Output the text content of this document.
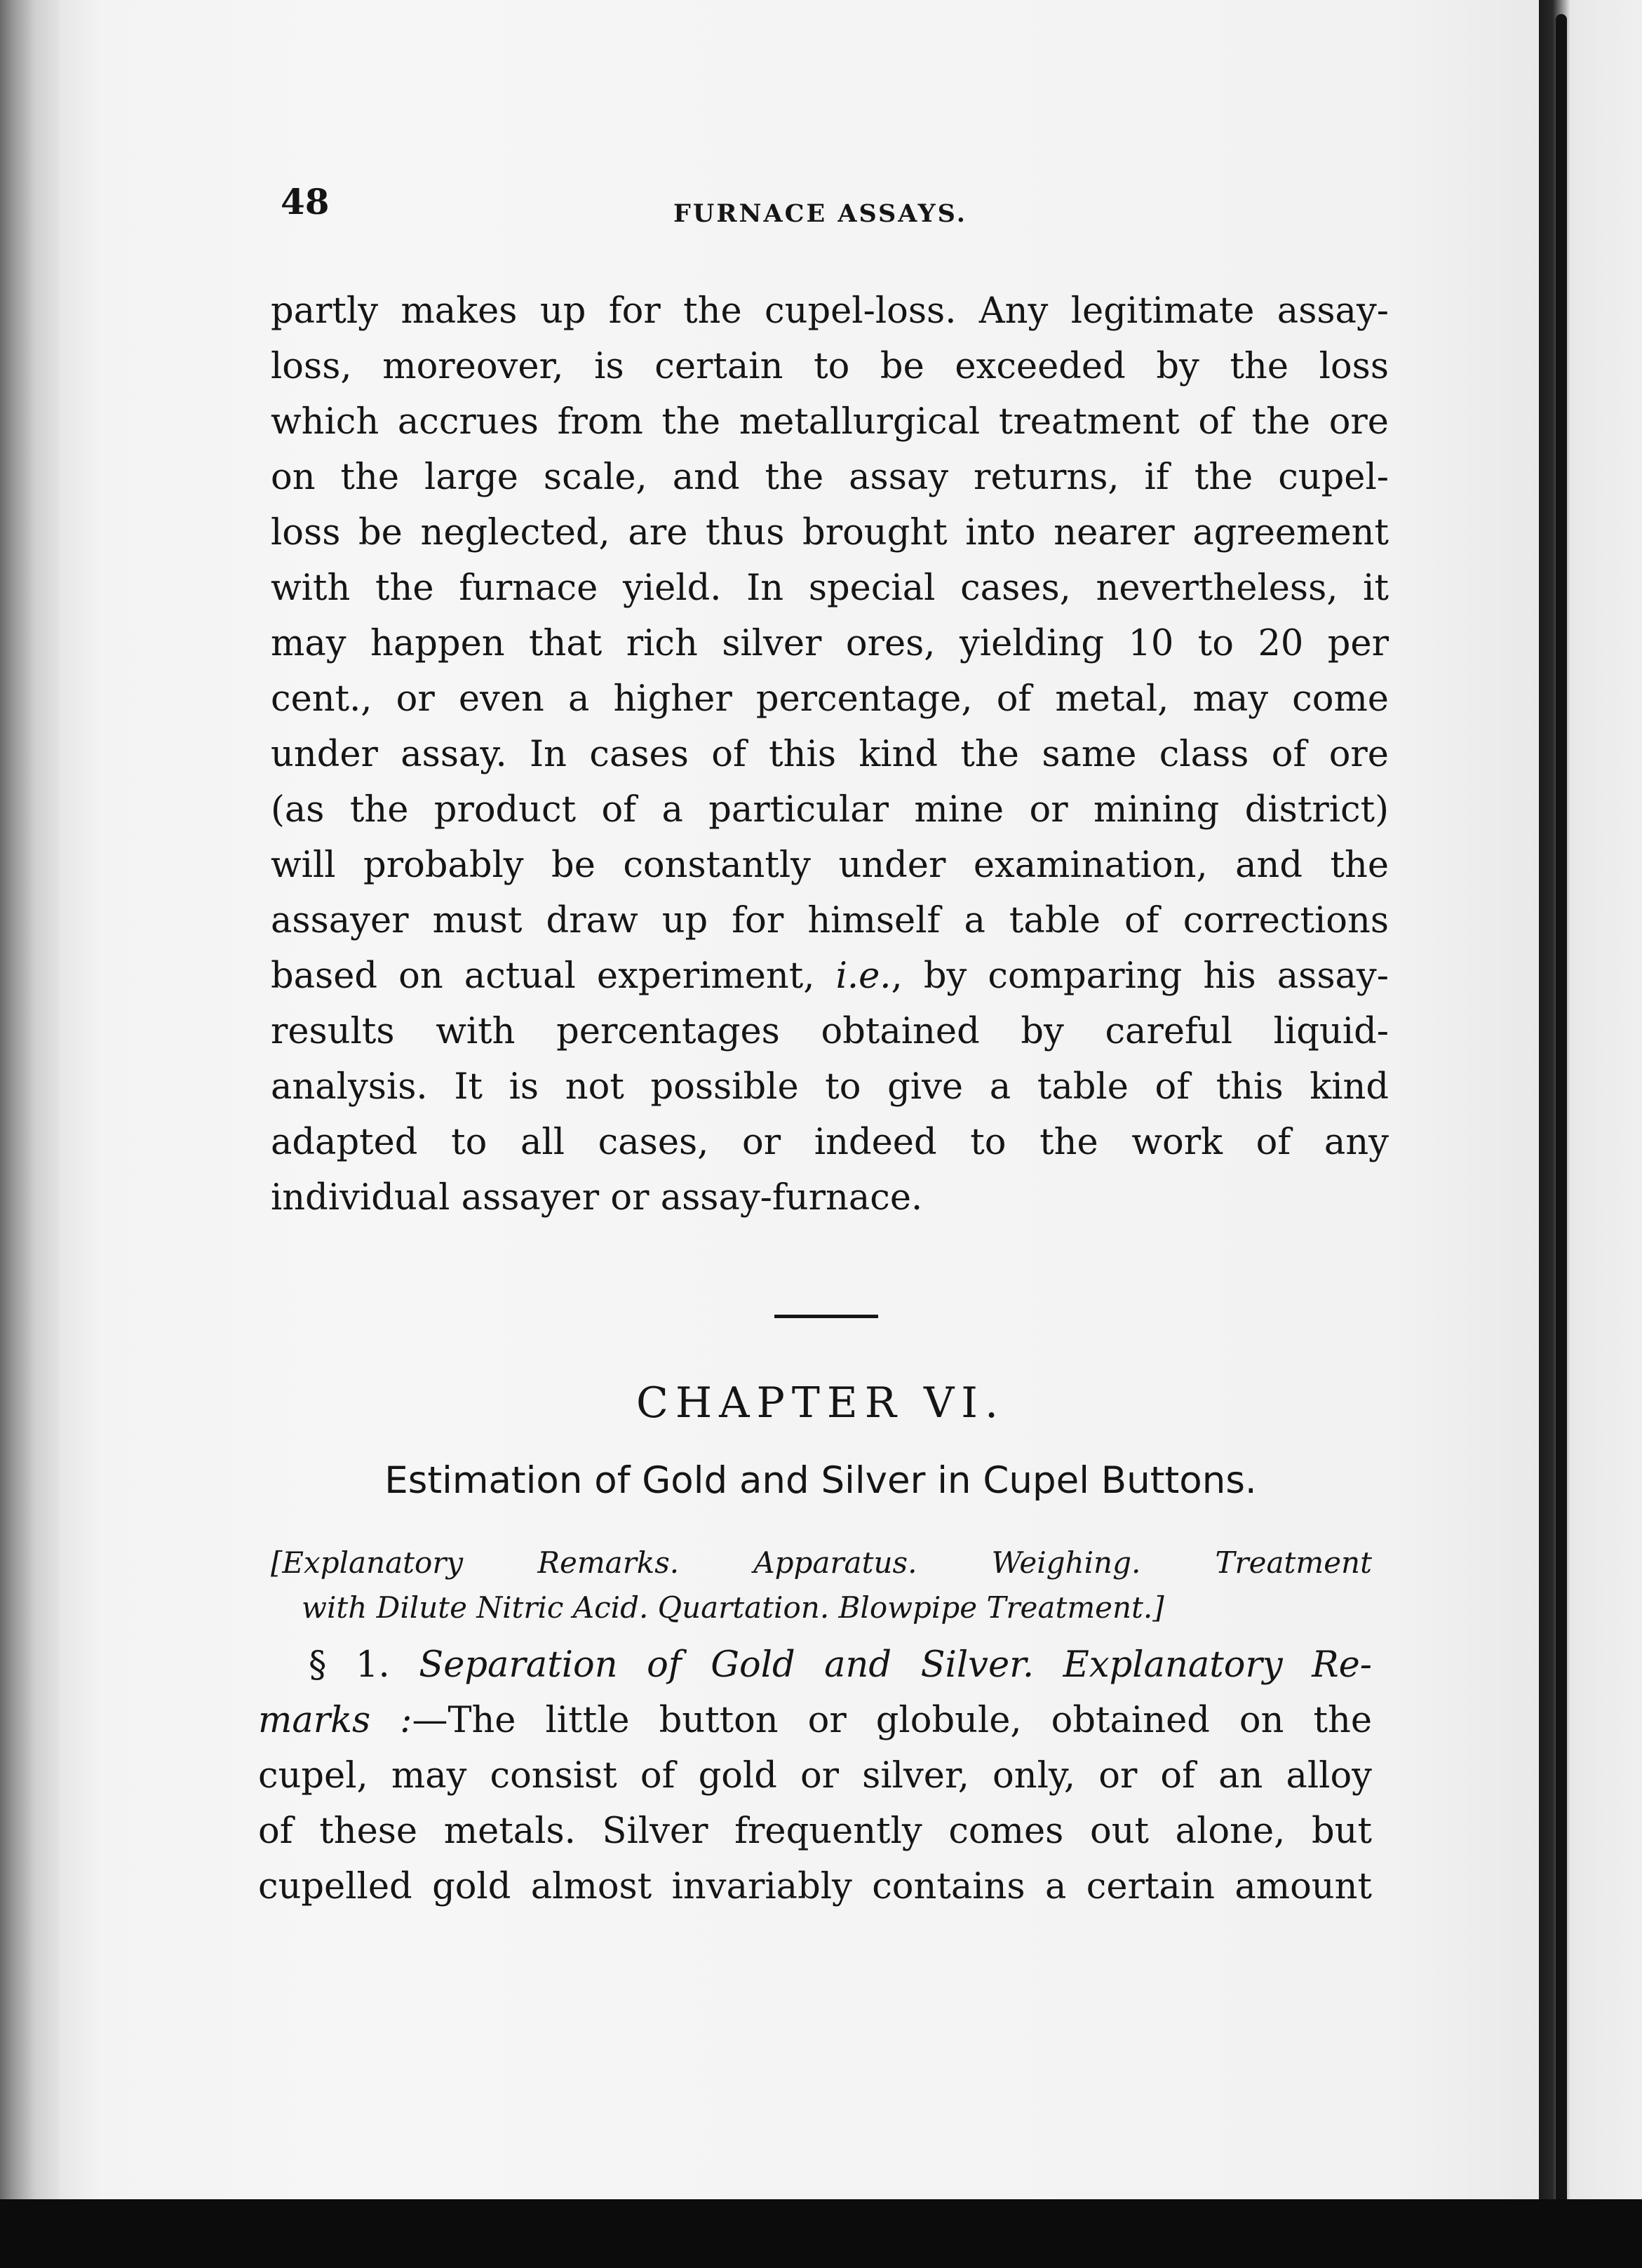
48	FURNACE ASSAYS.
partly makes up for the cupel-loss. Any legitimate assay-
loss, moreover, is certain to be exceeded by the loss
which accrues from the metallurgical treatment of the ore
on the large scale, and the assay returns, if the cupel-
loss be neglected, are thus brought into nearer agreement
with the furnace yield. In special cases, nevertheless, it
may happen that rich silver ores, yielding 10 to 20 per
cent., or even a higher percentage, of metal, may come
under assay. In cases of this kind the same class of ore
(as the product of a particular mine or mining district)
will probably be constantly under examination, and the
assayer must draw up for himself a table of corrections
based on actual experiment, i.e., by comparing his assay-
results with percentages obtained by careful liquid-
analysis. It is not possible to give a table of this kind
adapted to all cases, or indeed to the work of any
individual assayer or assay-furnace.
CHAPTER VI.
Estimation of Gold and Silver in Cupel Buttons.
[Explanatory Remarks. Apparatus. Weighing. Treatment
with Dilute Nitric Acid. Quartation. Blowpipe Treatment.]
§ 1. Separation of Gold and Silver. Explanatory Re-
marks :—The little button or globule, obtained on the
cupel, may consist of gold or silver, only, or of an alloy
of these metals. Silver frequently comes out alone, but
cupelled gold almost invariably contains a certain amount
